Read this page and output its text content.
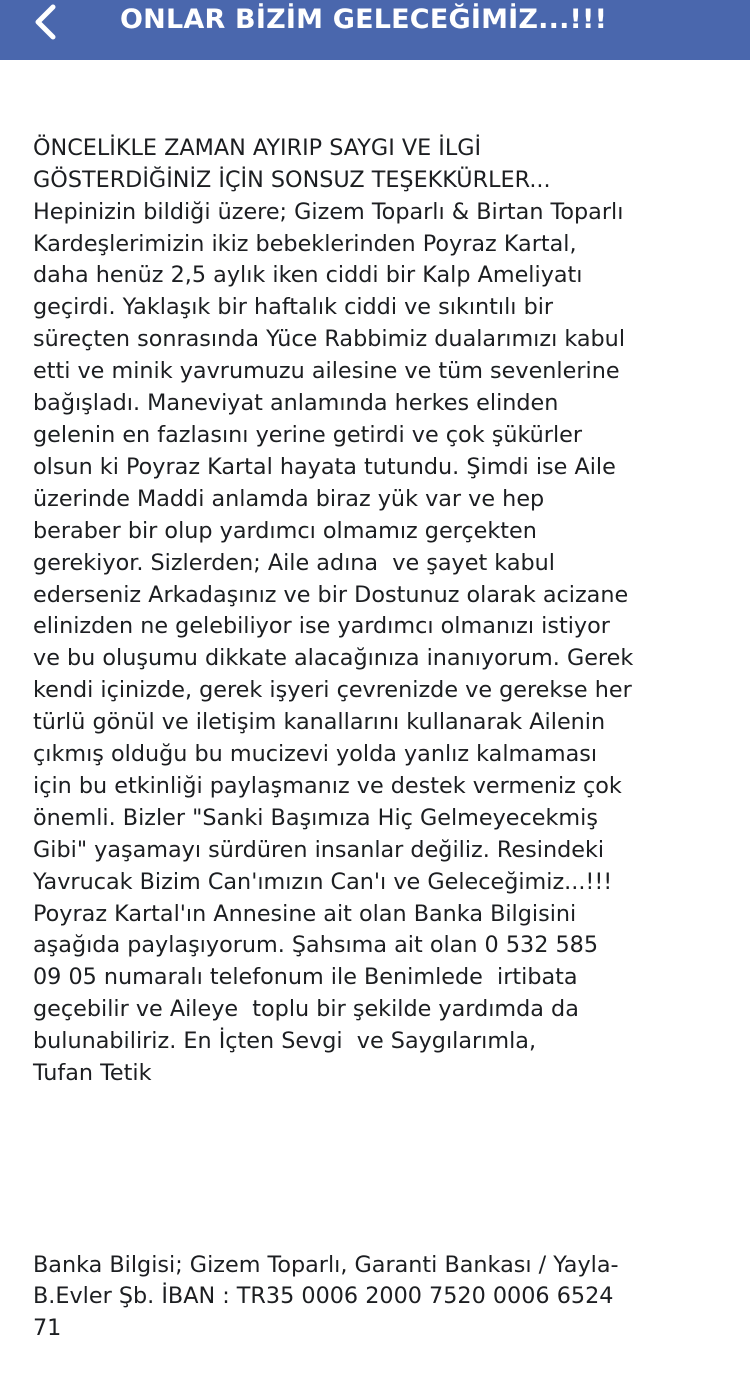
ONLAR BİZİM GELECEĞİMİZ...!!!

ÖNCELİKLE ZAMAN AYIRIP SAYGI VE İLGİ
GÖSTERDİĞİNİZ İÇİN SONSUZ TEŞEKKÜRLER...
Hepinizin bildiği üzere; Gizem Toparlı & Birtan Toparlı
Kardeşlerimizin ikiz bebeklerinden Poyraz Kartal,
daha henüz 2,5 aylık iken ciddi bir Kalp Ameliyatı
geçirdi. Yaklaşık bir haftalık ciddi ve sıkıntılı bir
süreçten sonrasında Yüce Rabbimiz dualarımızı kabul
etti ve minik yavrumuzu ailesine ve tüm sevenlerine
bağışladı. Maneviyat anlamında herkes elinden
gelenin en fazlasını yerine getirdi ve çok şükürler
olsun ki Poyraz Kartal hayata tutundu. Şimdi ise Aile
üzerinde Maddi anlamda biraz yük var ve hep
beraber bir olup yardımcı olmamız gerçekten
gerekiyor. Sizlerden; Aile adına  ve şayet kabul
ederseniz Arkadaşınız ve bir Dostunuz olarak acizane
elinizden ne gelebiliyor ise yardımcı olmanızı istiyor
ve bu oluşumu dikkate alacağınıza inanıyorum. Gerek
kendi içinizde, gerek işyeri çevrenizde ve gerekse her
türlü gönül ve iletişim kanallarını kullanarak Ailenin
çıkmış olduğu bu mucizevi yolda yanlız kalmaması
için bu etkinliği paylaşmanız ve destek vermeniz çok
önemli. Bizler "Sanki Başımıza Hiç Gelmeyecekmiş
Gibi" yaşamayı sürdüren insanlar değiliz. Resindeki
Yavrucak Bizim Can'ımızın Can'ı ve Geleceğimiz...!!!
Poyraz Kartal'ın Annesine ait olan Banka Bilgisini
aşağıda paylaşıyorum. Şahsıma ait olan 0 532 585
09 05 numaralı telefonum ile Benimlede  irtibata
geçebilir ve Aileye  toplu bir şekilde yardımda da
bulunabiliriz. En İçten Sevgi  ve Saygılarımla,
Tufan Tetik

Banka Bilgisi; Gizem Toparlı, Garanti Bankası / Yayla-
B.Evler Şb. İBAN : TR35 0006 2000 7520 0006 6524
71
